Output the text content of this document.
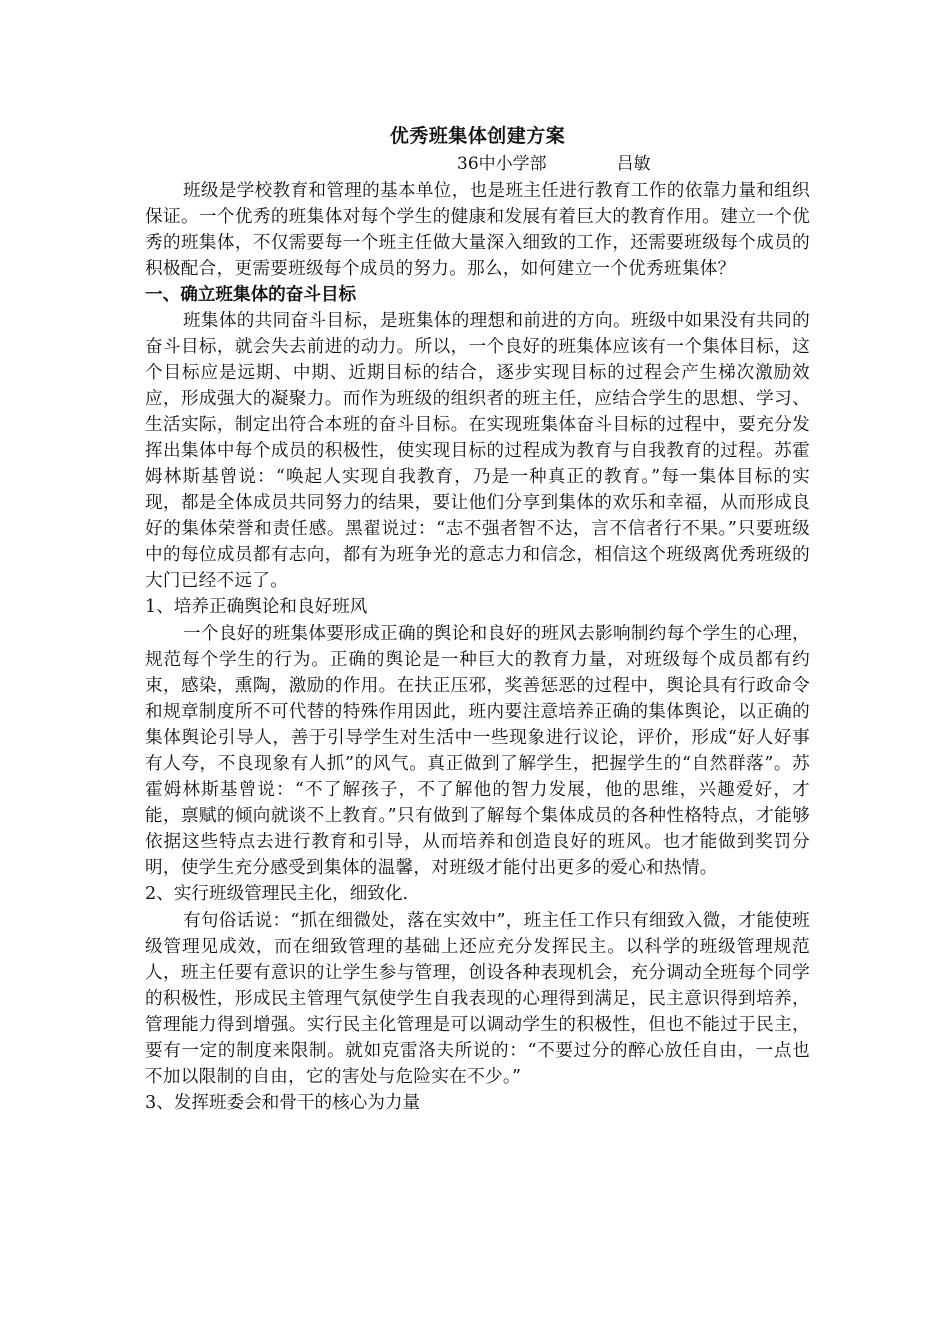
优秀班集体创建方案
36中小学部	吕敏

班级是学校教育和管理的基本单位，也是班主任进行教育工作的依靠力量和组织保证。一个优秀的班集体对每个学生的健康和发展有着巨大的教育作用。建立一个优秀的班集体，不仅需要每一个班主任做大量深入细致的工作，还需要班级每个成员的积极配合，更需要班级每个成员的努力。那么，如何建立一个优秀班集体？

一、确立班集体的奋斗目标

班集体的共同奋斗目标，是班集体的理想和前进的方向。班级中如果没有共同的奋斗目标，就会失去前进的动力。所以，一个良好的班集体应该有一个集体目标，这个目标应是远期、中期、近期目标的结合，逐步实现目标的过程会产生梯次激励效应，形成强大的凝聚力。而作为班级的组织者的班主任，应结合学生的思想、学习、生活实际，制定出符合本班的奋斗目标。在实现班集体奋斗目标的过程中，要充分发挥出集体中每个成员的积极性，使实现目标的过程成为教育与自我教育的过程。苏霍姆林斯基曾说：“唤起人实现自我教育，乃是一种真正的教育。”每一集体目标的实现，都是全体成员共同努力的结果，要让他们分享到集体的欢乐和幸福，从而形成良好的集体荣誉和责任感。黑翟说过：“志不强者智不达，言不信者行不果。”只要班级中的每位成员都有志向，都有为班争光的意志力和信念，相信这个班级离优秀班级的大门已经不远了。

1、培养正确舆论和良好班风

一个良好的班集体要形成正确的舆论和良好的班风去影响制约每个学生的心理，规范每个学生的行为。正确的舆论是一种巨大的教育力量，对班级每个成员都有约束，感染，熏陶，激励的作用。在扶正压邪，奖善惩恶的过程中，舆论具有行政命令和规章制度所不可代替的特殊作用因此，班内要注意培养正确的集体舆论，以正确的集体舆论引导人，善于引导学生对生活中一些现象进行议论，评价，形成“好人好事有人夸，不良现象有人抓”的风气。真正做到了解学生，把握学生的“自然群落”。苏霍姆林斯基曾说：“不了解孩子，不了解他的智力发展，他的思维，兴趣爱好，才能，禀赋的倾向就谈不上教育。”只有做到了解每个集体成员的各种性格特点，才能够依据这些特点去进行教育和引导，从而培养和创造良好的班风。也才能做到奖罚分明，使学生充分感受到集体的温馨，对班级才能付出更多的爱心和热情。

2、实行班级管理民主化，细致化.

有句俗话说：“抓在细微处，落在实效中”，班主任工作只有细致入微，才能使班级管理见成效，而在细致管理的基础上还应充分发挥民主。以科学的班级管理规范人，班主任要有意识的让学生参与管理，创设各种表现机会，充分调动全班每个同学的积极性，形成民主管理气氛使学生自我表现的心理得到满足，民主意识得到培养，管理能力得到增强。实行民主化管理是可以调动学生的积极性，但也不能过于民主，要有一定的制度来限制。就如克雷洛夫所说的：“不要过分的醉心放任自由，一点也不加以限制的自由，它的害处与危险实在不少。”

3、发挥班委会和骨干的核心为力量
